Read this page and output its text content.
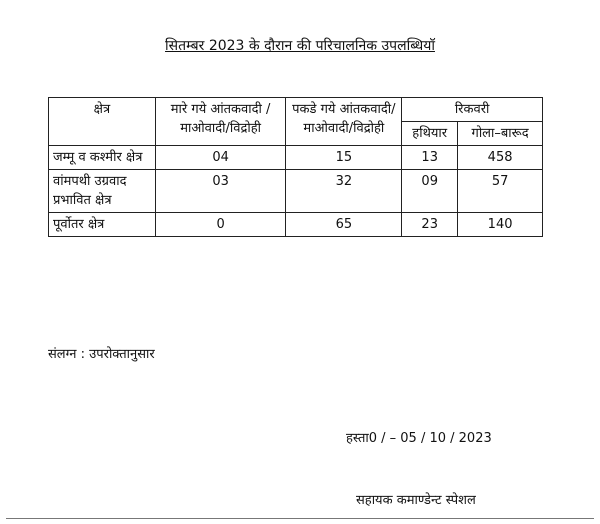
सितम्बर 2023 के दौरान की परिचालनिक उपलब्धियॉ
क्षेत्र	मारे गये आंतकवादी /माओवादी/विद्रोही	पकडे गये आंतकवादी/ माओवादी/विद्रोही	रिकवरी	
			हथियार	गोला–बारूद
जम्मू व कश्मीर क्षेत्र	04	15	13	458
वांमपथी उग्रवाद प्रभावित क्षेत्र	03	32	09	57
पूर्वोतर क्षेत्र	0	65	23	140
संलग्न : उपरोक्तानुसार
हस्ता0 / – 05 / 10 / 2023
सहायक कमाण्डेन्ट स्पेशल
